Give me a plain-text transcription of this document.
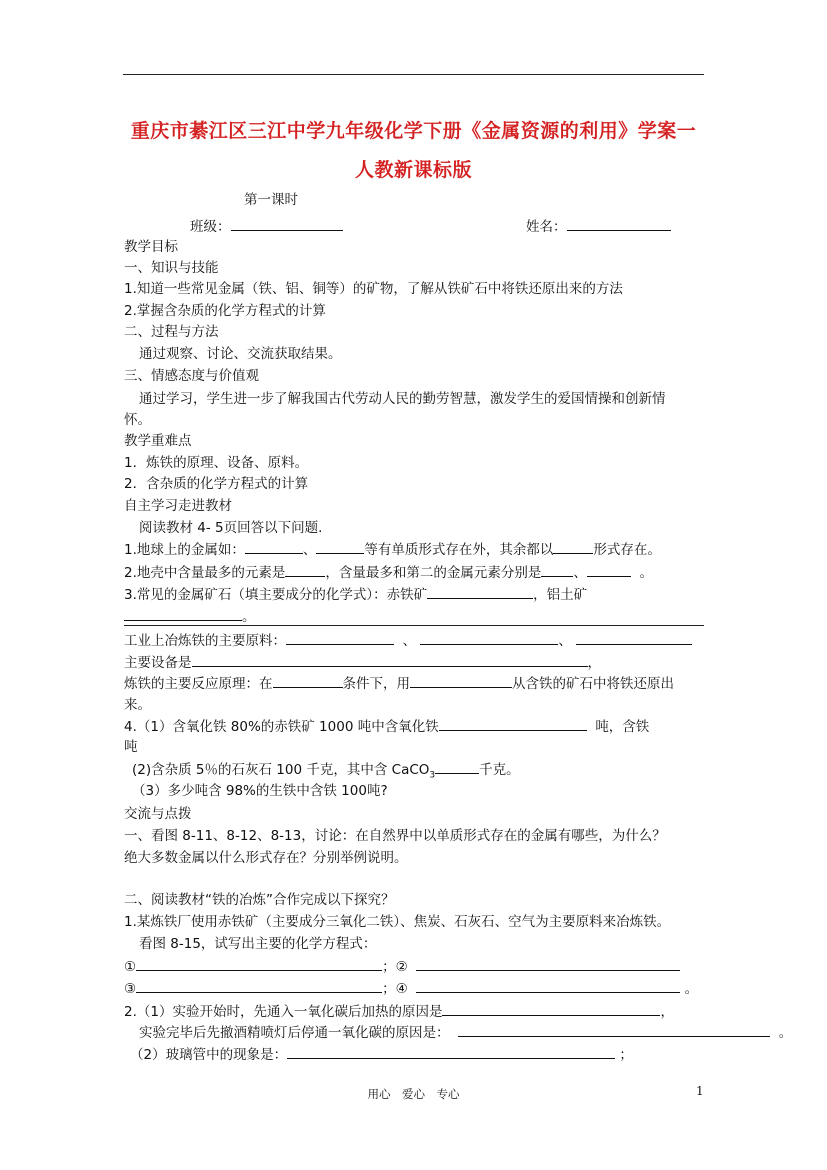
重庆市綦江区三江中学九年级化学下册《金属资源的利用》学案一
人教新课标版
第一课时
班级：	姓名：
教学目标
一、知识与技能
1.知道一些常见金属（铁、铝、铜等）的矿物，了解从铁矿石中将铁还原出来的方法
2.掌握含杂质的化学方程式的计算
二、过程与方法
通过观察、讨论、交流获取结果。
三、情感态度与价值观
通过学习，学生进一步了解我国古代劳动人民的勤劳智慧，激发学生的爱国情操和创新情
怀。
教学重难点
1．炼铁的原理、设备、原料。
2．含杂质的化学方程式的计算
自主学习走进教材
阅读教材 4- 5页回答以下问题.
1.地球上的金属如：	、	等有单质形式存在外，其余都以	形式存在。
2.地壳中含量最多的元素是	，含量最多和第二的金属元素分别是 、	。
3.常见的金属矿石（填主要成分的化学式）：赤铁矿	，铝土矿
。
工业上冶炼铁的主要原料：	、	、
主要设备是	，
炼铁的主要反应原理：在	条件下，用	从含铁的矿石中将铁还原出
来。
4.（1）含氧化铁 80%的赤铁矿 1000 吨中含氧化铁	吨，含铁
吨
(2)含杂质 5％的石灰石 100 千克，其中含 CaCO$_3$	千克。
（3）多少吨含 98%的生铁中含铁 100吨?
交流与点拨
一、看图 8-11、8-12、8-13，讨论：在自然界中以单质形式存在的金属有哪些，为什么？
绝大多数金属以什么形式存在？分别举例说明。
二、阅读教材“铁的冶炼”合作完成以下探究？
1.某炼铁厂使用赤铁矿（主要成分三氧化二铁）、焦炭、石灰石、空气为主要原料来冶炼铁。
看图 8-15，试写出主要的化学方程式：
①	；②
③	；④	。
2.（1）实验开始时，先通入一氧化碳后加热的原因是	，
实验完毕后先撤酒精喷灯后停通一氧化碳的原因是：	。
（2）玻璃管中的现象是：	；
用心　爱心　专心	1
